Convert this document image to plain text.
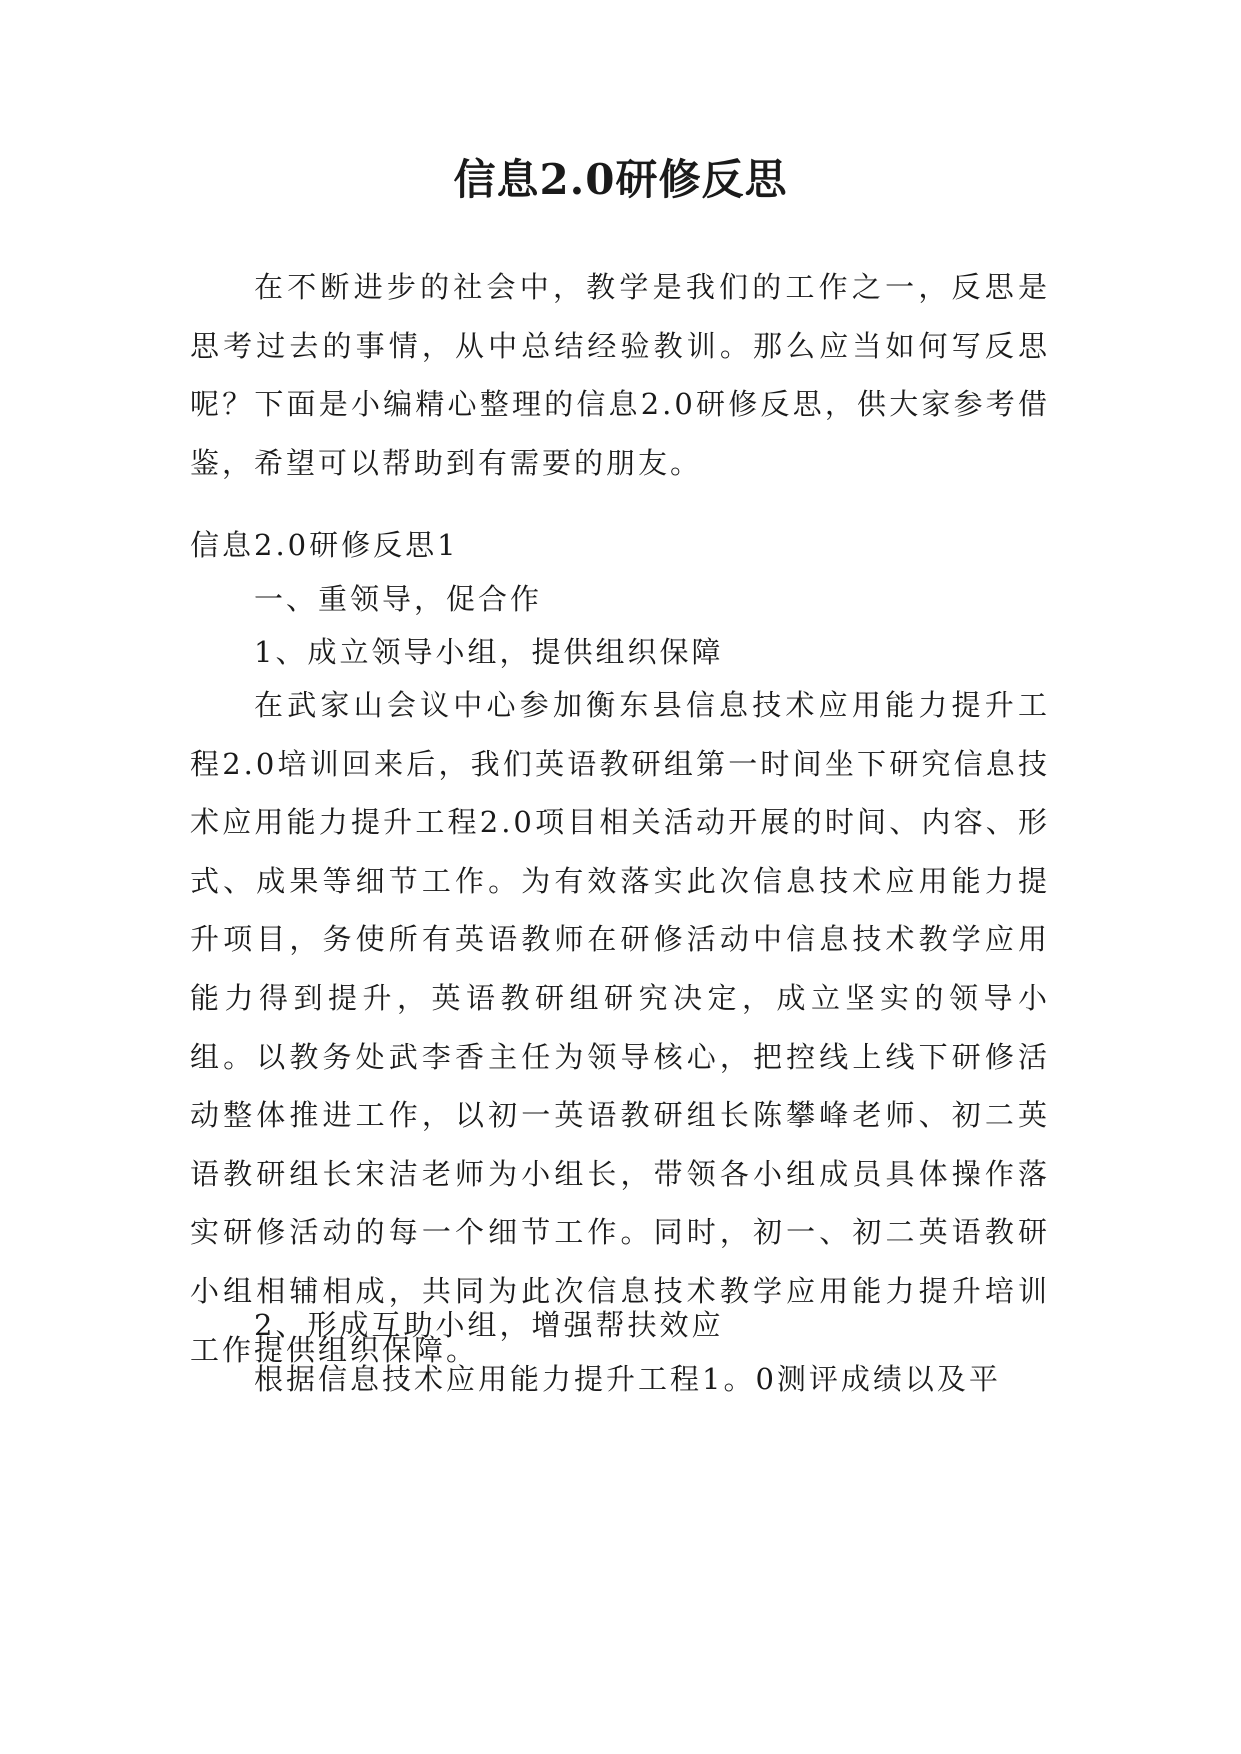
信息2.0研修反思

在不断进步的社会中，教学是我们的工作之一，反思是思考过去的事情，从中总结经验教训。那么应当如何写反思呢？下面是小编精心整理的信息2.0研修反思，供大家参考借鉴，希望可以帮助到有需要的朋友。

信息2.0研修反思1

一、重领导，促合作

1、成立领导小组，提供组织保障

在武家山会议中心参加衡东县信息技术应用能力提升工程2.0培训回来后，我们英语教研组第一时间坐下研究信息技术应用能力提升工程2.0项目相关活动开展的时间、内容、形式、成果等细节工作。为有效落实此次信息技术应用能力提升项目，务使所有英语教师在研修活动中信息技术教学应用能力得到提升，英语教研组研究决定，成立坚实的领导小组。以教务处武李香主任为领导核心，把控线上线下研修活动整体推进工作，以初一英语教研组长陈攀峰老师、初二英语教研组长宋洁老师为小组长，带领各小组成员具体操作落实研修活动的每一个细节工作。同时，初一、初二英语教研小组相辅相成，共同为此次信息技术教学应用能力提升培训工作提供组织保障。

2、形成互助小组，增强帮扶效应

根据信息技术应用能力提升工程1。0测评成绩以及平
